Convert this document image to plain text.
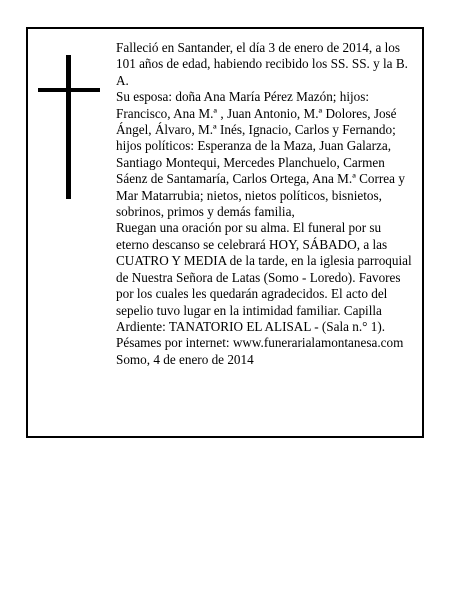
Falleció en Santander, el día 3 de enero de 2014, a los 101 años de edad, habiendo recibido los SS. SS. y la B. A.

Su esposa: doña Ana María Pérez Mazón; hijos: Francisco, Ana M.ª , Juan Antonio, M.ª Dolores, José Ángel, Álvaro, M.ª Inés, Ignacio, Carlos y Fernando; hijos políticos: Esperanza de la Maza, Juan Galarza, Santiago Montequi, Mercedes Planchuelo, Carmen Sáenz de Santamaría, Carlos Ortega, Ana M.ª Correa y Mar Matarrubia; nietos, nietos políticos, bisnietos, sobrinos, primos y demás familia,

Ruegan una oración por su alma. El funeral por su eterno descanso se celebrará HOY, SÁBADO, a las CUATRO Y MEDIA de la tarde, en la iglesia parroquial de Nuestra Señora de Latas (Somo - Loredo). Favores por los cuales les quedarán agradecidos. El acto del sepelio tuvo lugar en la intimidad familiar. Capilla Ardiente: TANATORIO EL ALISAL - (Sala n.° 1).

Pésames por internet: www.funerarialamontanesa.com

Somo, 4 de enero de 2014
